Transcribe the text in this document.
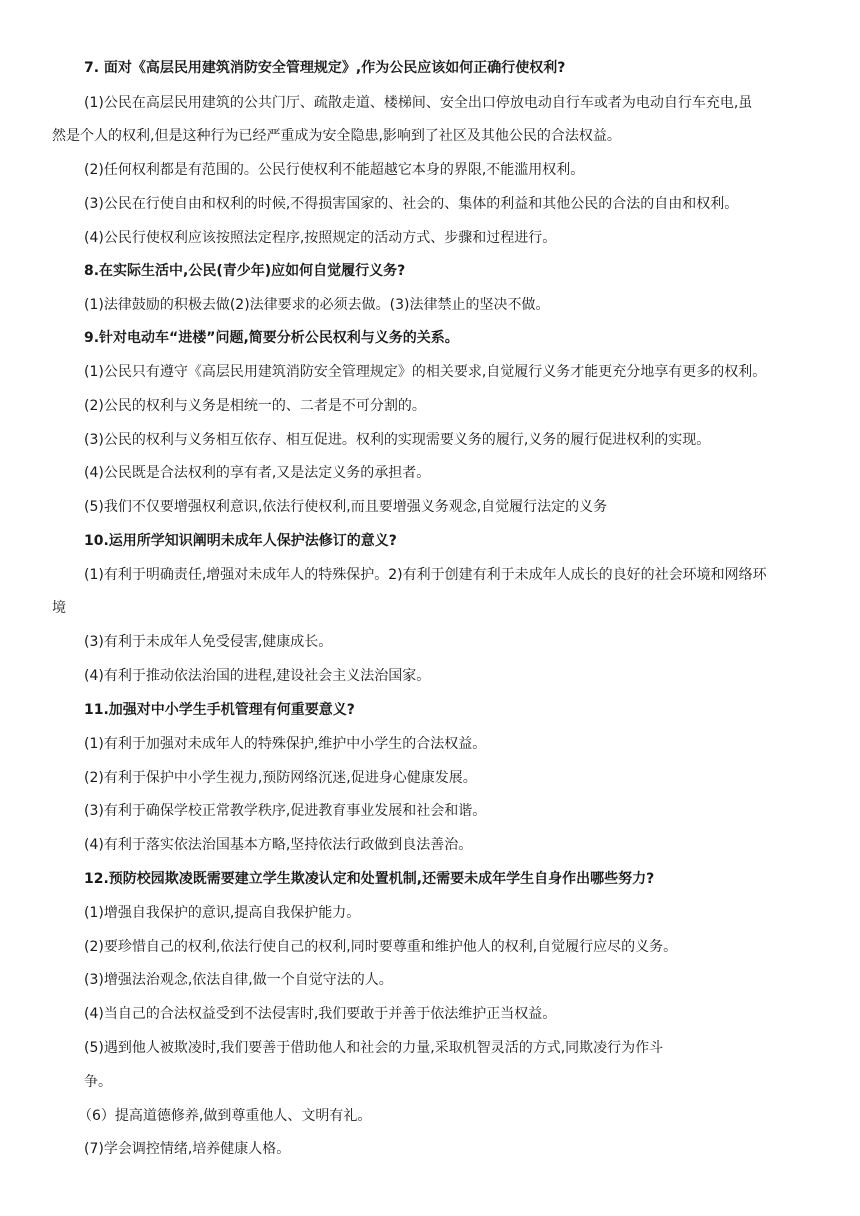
7. 面对《高层民用建筑消防安全管理规定》,作为公民应该如何正确行使权利?
(1)公民在高层民用建筑的公共门厅、疏散走道、楼梯间、安全出口停放电动自行车或者为电动自行车充电,虽
然是个人的权利,但是这种行为已经严重成为安全隐患,影响到了社区及其他公民的合法权益。
(2)任何权利都是有范围的。公民行使权利不能超越它本身的界限,不能滥用权利。
(3)公民在行使自由和权利的时候,不得损害国家的、社会的、集体的利益和其他公民的合法的自由和权利。
(4)公民行使权利应该按照法定程序,按照规定的活动方式、步骤和过程进行。
8.在实际生活中,公民(青少年)应如何自觉履行义务?
(1)法律鼓励的积极去做(2)法律要求的必须去做。(3)法律禁止的坚决不做。
9.针对电动车“进楼”问题,简要分析公民权利与义务的关系。
(1)公民只有遵守《高层民用建筑消防安全管理规定》的相关要求,自觉履行义务才能更充分地享有更多的权利。
(2)公民的权利与义务是相统一的、二者是不可分割的。
(3)公民的权利与义务相互依存、相互促进。权利的实现需要义务的履行,义务的履行促进权利的实现。
(4)公民既是合法权利的享有者,又是法定义务的承担者。
(5)我们不仅要增强权利意识,依法行使权利,而且要增强义务观念,自觉履行法定的义务
10.运用所学知识阐明未成年人保护法修订的意义?
(1)有利于明确责任,增强对未成年人的特殊保护。2)有利于创建有利于未成年人成长的良好的社会环境和网络环
境
(3)有利于未成年人免受侵害,健康成长。
(4)有利于推动依法治国的进程,建设社会主义法治国家。
11.加强对中小学生手机管理有何重要意义?
(1)有利于加强对未成年人的特殊保护,维护中小学生的合法权益。
(2)有利于保护中小学生视力,预防网络沉迷,促进身心健康发展。
(3)有利于确保学校正常教学秩序,促进教育事业发展和社会和谐。
(4)有利于落实依法治国基本方略,坚持依法行政做到良法善治。
12.预防校园欺凌既需要建立学生欺凌认定和处置机制,还需要未成年学生自身作出哪些努力?
(1)增强自我保护的意识,提高自我保护能力。
(2)要珍惜自己的权利,依法行使自己的权利,同时要尊重和维护他人的权利,自觉履行应尽的义务。
(3)增强法治观念,依法自律,做一个自觉守法的人。
(4)当自己的合法权益受到不法侵害时,我们要敢于并善于依法维护正当权益。
(5)遇到他人被欺凌时,我们要善于借助他人和社会的力量,采取机智灵活的方式,同欺凌行为作斗
争。
（6）提高道德修养,做到尊重他人、文明有礼。
(7)学会调控情绪,培养健康人格。
